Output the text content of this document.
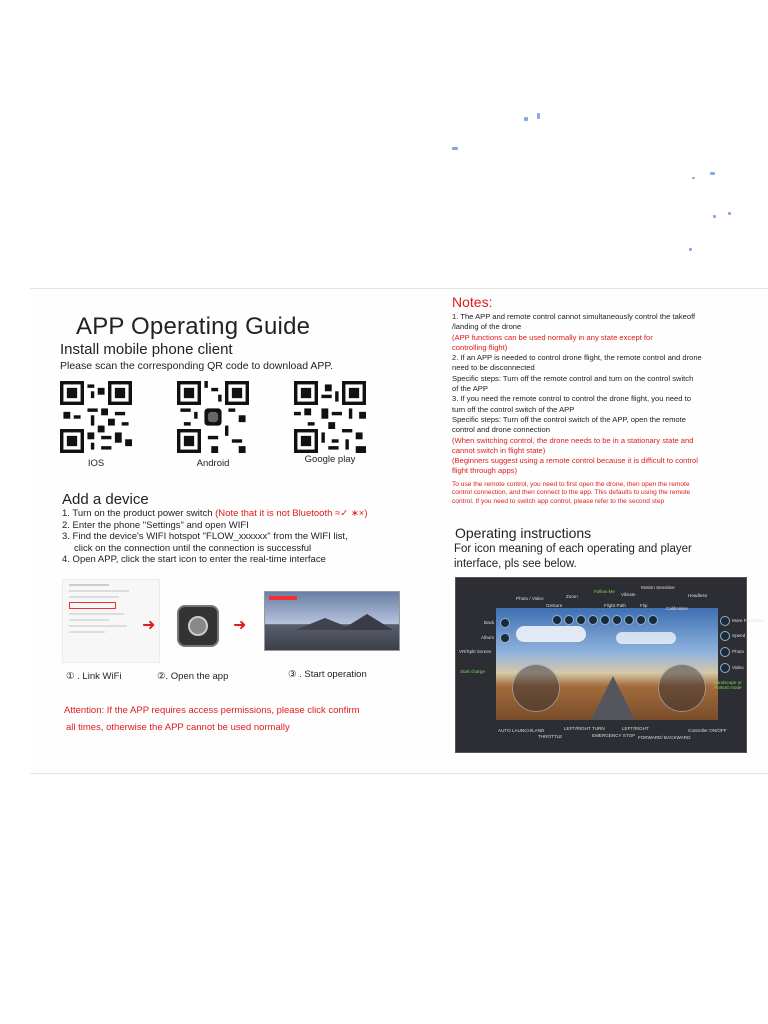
APP Operating Guide
Install mobile phone client
Please scan the corresponding QR code to download APP.
IOS	Android	Google play
Add a device
1. Turn on the product power switch (Note that it is not Bluetooth ≈✓ ∗×)
2. Enter the phone "Settings" and open WIFI
3. Find the device's WIFI hotspot "FLOW_xxxxxx" from the WIFI list,
click on the connection until the connection is successful
4. Open APP, click the start icon to enter the real-time interface
➜	➜
① . Link WiFi	②. Open the app	③ . Start operation
Attention: If the APP requires access permissions, please click confirm
all times, otherwise the APP cannot be used normally
Notes:
1. The APP and remote control cannot simultaneously control the takeoff
/landing of the drone
(APP functions can be used normally in any state except for
controlling flight)
2. If an APP is needed to control drone flight, the remote control and drone
need to be disconnected
Specific steps: Turn off the remote control and turn on the control switch
of the APP
3. If you need the remote control to control the drone flight, you need to
turn off the control switch of the APP
Specific steps: Turn off the control switch of the APP, open the remote
control and drone connection
(When switching control, the drone needs to be in a stationary state and
cannot switch in flight state)
(Beginners suggest using a remote control because it is difficult to control
flight through apps)
To use the remote control, you need to first open the drone, then open the remote
control connection, and then connect to the app. This defaults to using the remote
control. If you need to switch app control, please refer to the second step
Operating instructions
For icon meaning of each operating and player
interface, pls see below.
Photo / Video
Gesture
Zoom
Follow Me
Vibrate
Motion Sensitive
Headless
Flight Path	Flip
Calibration
Back
Album
VR/Split Screen
Start charge
More Functions
Speed
Photo
Video
Landscape or Portrait mode
AUTO LAUNCH/LAND
THROTTLE
LEFT/RIGHT TURN
EMERGENCY STOP
LEFT/RIGHT
FORWARD/ BACKWARD
Controller ON/OFF
